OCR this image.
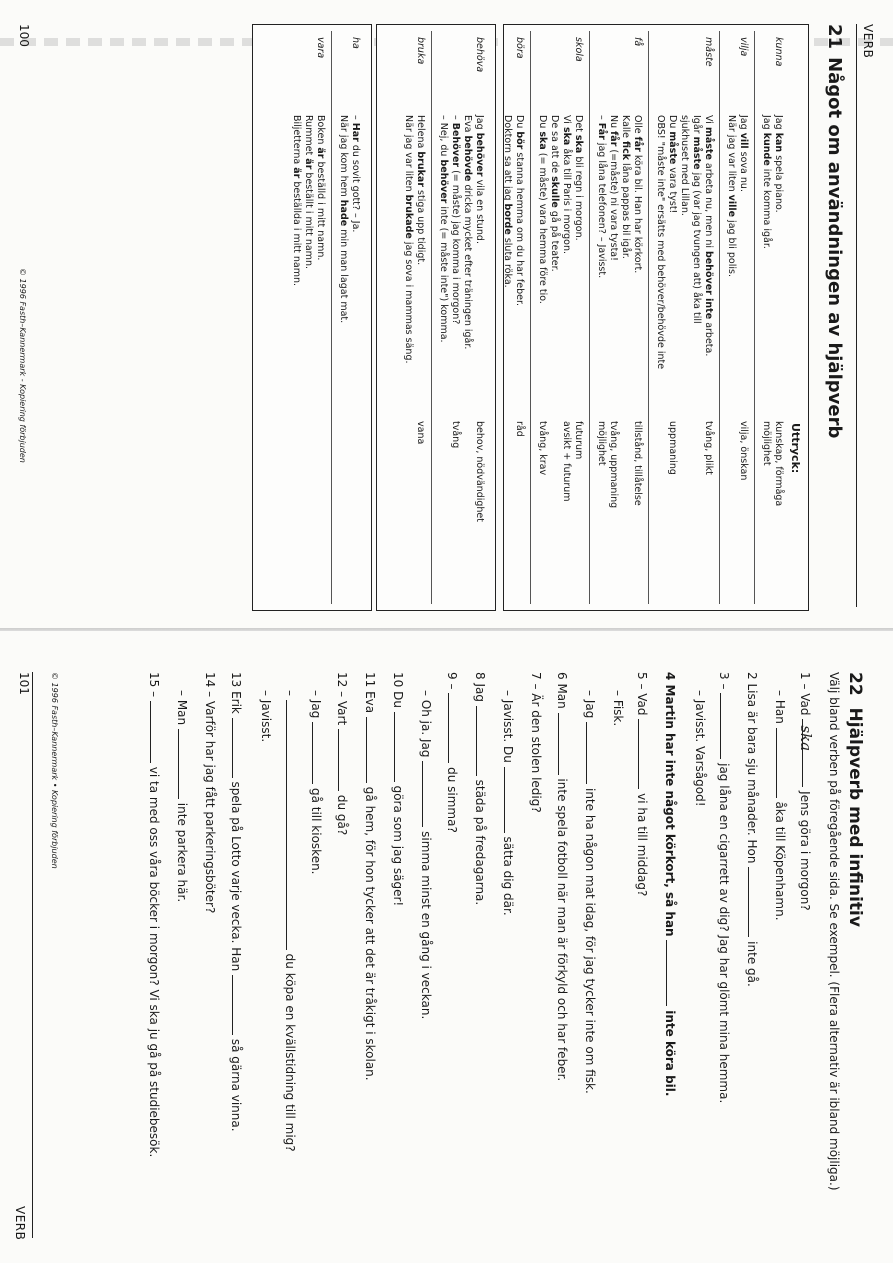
VERB
21Något om användningen av hjälpverb
Uttryck:
kunna
Jag kan spela piano.
Jag kunde inte komma igår.
kunskap, förmåga
möjlighet
vilja
Jag vill sova nu.
När jag var liten ville jag bli polis.
vilja, önskan
måste
Vi måste arbeta nu, men ni behöver inte arbeta.
Igår måste jag (var jag tvungen att) åka till
sjukhuset med Lillan.
Du måste vara tyst!
OBS! "måste inte" ersätts med behöver/behövde inte
tvång, plikt

uppmaning
få
Olle får köra bil. Han har körkort.
Kalle fick låna pappas bil igår.
Nu får (=måste) ni vara tysta!
– Får jag låna telefonen? – Javisst.
tillstånd, tillåtelse

tvång, uppmaning
möjlighet
skola
Det ska bli regn i morgon.
Vi ska åka till Paris i morgon.
De sa att de skulle gå på teater.
Du ska (= måste) vara hemma före tio.
futurum
avsikt + futurum

tvång, krav
böra
Du bör stanna hemma om du har feber.
Doktorn sa att jag borde sluta röka.
råd
behöva
Jag behöver vila en stund.
Eva behövde dricka mycket efter träningen igår.
– Behöver (= måste) jag komma i morgon?
– Nej, du behöver inte (= måste inte") komma.
behov, nödvändighet

tvång
bruka
Helena brukar stiga upp tidigt.
När jag var liten brukade jag sova i mammas säng.
vana
ha
– Har du sovit gott? – Ja.
När jag kom hem hade min man lagat mat.
vara
Boken är beställd i mitt namn.
Rummet är beställt i mitt namn.
Biljetterna är beställda i mitt namn.
100
© 1996 Fasth–Kannermark - Kopiering förbjuden
22  Hjälpverb med infinitiv
Välj bland verben på föregående sida. Se exempel. (Flera alternativ är ibland möjliga.)
VERB
1 – Vad ska Jens göra i morgon?
– Han  åka till Köpenhamn.
2 Lisa är bara sju månader. Hon  inte gå.
3 –  jag låna en cigarrett av dig? Jag har glömt mina hemma.
– Javisst. Varsågod!
4 Martin har inte något körkort, så han  inte köra bil.
5 – Vad  vi ha till middag?
– Fisk.
– Jag  inte ha någon mat idag, för jag tycker inte om fisk.
6 Man  inte spela fotboll när man är förkyld och har feber.
7 – Är den stolen ledig?
– Javisst. Du  sätta dig där.
8 Jag  städa på fredagarna.
9 –  du simma?
– Oh ja. Jag  simma minst en gång i veckan.
10 Du  göra som jag säger!
11 Eva  gå hem, för hon tycker att det är tråkigt i skolan.
12 – Vart  du gå?
– Jag  gå till kiosken.
–  du köpa en kvällstidning till mig?
– Javisst.
13 Erik  spela på Lotto varje vecka. Han  så gärna vinna.
14 – Varför har jag fått parkeringsböter?
– Man  inte parkera här.
15 –  vi ta med oss våra böcker i morgon? Vi ska ju gå på studiebesök.
© 1996 Fasth–Kannermark • Kopiering förbjuden
101
